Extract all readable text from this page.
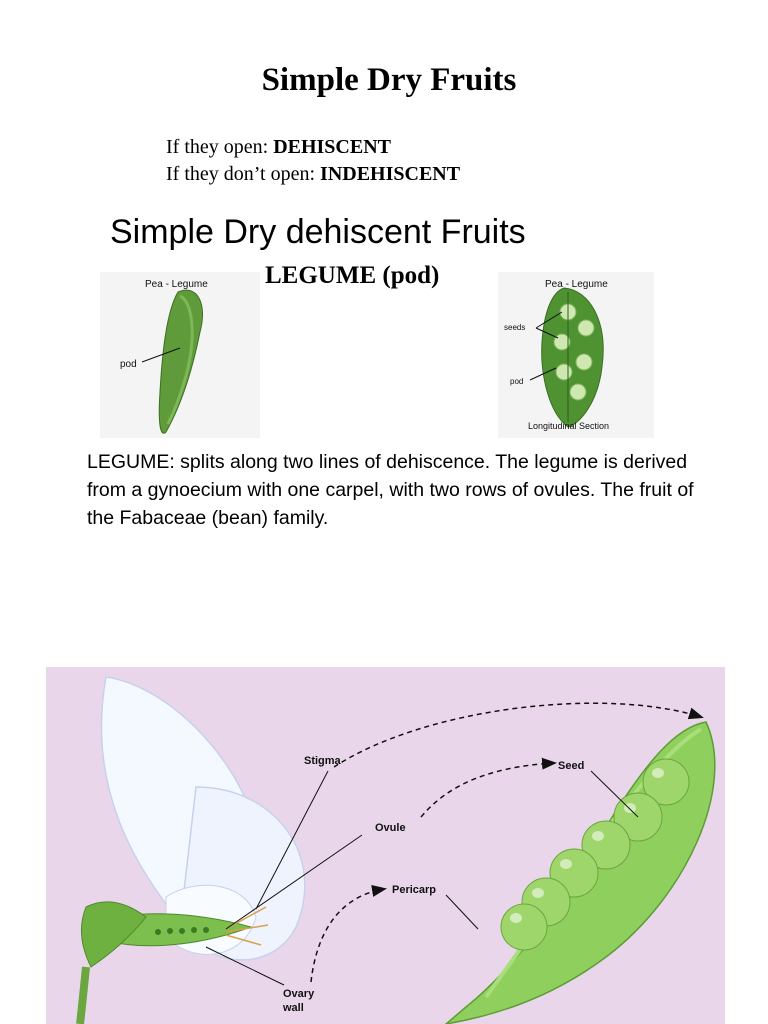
Simple Dry Fruits
If they open: DEHISCENT
If they don’t open: INDEHISCENT
Simple Dry dehiscent Fruits
LEGUME (pod)
Pea - Legume
pod
Pea - Legume
seeds
pod
Longitudinal Section
LEGUME: splits along two lines of dehiscence. The legume is derived from a gynoecium with one carpel, with two rows of ovules. The fruit of the Fabaceae (bean) family.
Stigma
Ovule
Pericarp
Seed
Ovary
wall
